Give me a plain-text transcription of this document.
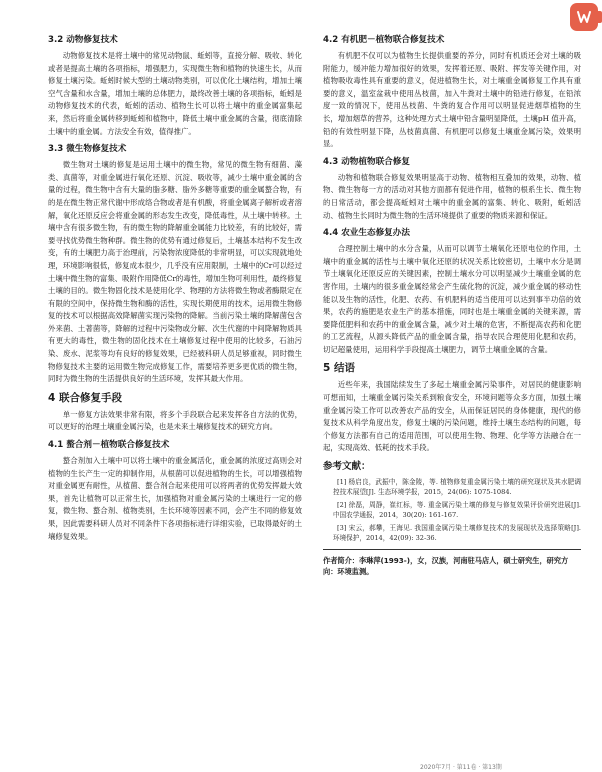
3.2 动物修复技术

动物修复技术是将土壤中的常见动物鼠、蚯蚓等，直接分解、吸收、转化或者是提高土壤的各项指标，增强肥力，实现微生物和植物的快速生长，从而修复土壤污染。蚯蚓时候大型的土壤动物类别，可以优化土壤结构，增加土壤空气含量和水含量，增加土壤的总体肥力，最终改善土壤的各项指标，蚯蚓是动物修复技术的代表，蚯蚓的活动、植物生长可以将土壤中的重金属富集起来，然后将重金属转移到蚯蚓和植物中，降低土壤中重金属的含量，彻底清除土壤中的重金属。方法安全有效，值得推广。

3.3 微生物修复技术

微生物对土壤的修复是运用土壤中的微生物，常见的微生物有细菌、藻类、真菌等，对重金属进行氧化还原、沉淀、吸收等，减少土壤中重金属的含量的过程，微生物中含有大量的脂多糖、脂外多糖等重要的重金属螯合物，有的是在微生物正常代谢中形成络合物或者是有机酸，将重金属离子解析或者溶解，氧化还原反应会将重金属的形态发生改变，降低毒性，从土壤中转移。土壤中含有很多微生物，有的微生物的降解重金属能力比较差，有的比较好，需要寻找优势微生物种群。微生物的优势有通过修复后，土壤基本结构不发生改变，有的土壤肥力高于治理前，污染物浓度降低的非常明显，可以实现就地处理，环境影响很低，修复成本很少，几乎没有应用限制，土壤中的Cr可以经过土壤中微生物的富集、吸附作用降低Cr的毒性，增加生物可利用性，最终修复土壤的目的。微生物固化技术是使用化学、物理的方法将微生物或者酶限定在有限的空间中，保持微生物和酶的活性，实现长期使用的技术，运用微生物修复的技术可以根据高效降解菌实现污染物的降解。当前污染土壤的降解菌包含外来菌、土著菌等，降解的过程中污染物或分解、次生代谢的中间降解物质具有更大的毒性，微生物的固化技术在土壤修复过程中使用的比较多，石油污染、废水、泥浆等均有良好的修复效果，已经被科研人员足够重视，同时微生物修复技术主要的运用微生物完成修复工作，需要培养更多更优质的微生物，同时为微生物的生活提供良好的生活环境，发挥其最大作用。

4 联合修复手段

单一修复方法效果非常有限，将多个手段联合起来发挥各自方法的优势，可以更好的治理土壤重金属污染，也是未来土壤修复技术的研究方向。

4.1 螯合剂－植物联合修复技术

螯合剂加入土壤中可以将土壤中的重金属活化，重金属的浓度过高则会对植物的生长产生一定的抑制作用，从根菌可以促进植物的生长，可以增强植物对重金属更有耐性，从植菌、螯合剂合起来使用可以将两者的优势发挥最大效果，首先让植物可以正常生长，加强植物对重金属污染的土壤进行一定的修复，微生物、螯合剂、植物类别，生长环境等因素不同，会产生不同的修复效果，因此需要科研人员对不同条件下各项指标进行详细实验，已取得最好的土壤修复效果。

4.2 有机肥－植物联合修复技术

有机肥不仅可以为植物生长提供重要的养分，同时有机质还会对土壤的吸附能力，缓冲能力增加很好的效果，发挥着还原、吸附、挥发等关键作用，对植物吸收毒性具有重要的意义，促进植物生长，对土壤重金属修复工作具有重要的意义，温室盆栽中使用丛枝菌，加入牛粪对土壤中的铅进行修复，在铅浓度一致的情况下，使用丛枝菌、牛粪的复合作用可以明显促进烟草植物的生长，增加烟草的营养，这种处理方式土壤中铅含量明显降低，土壤pH 值升高，铅的有效性明显下降，丛枝菌真菌、有机肥可以修复土壤重金属污染，效果明显。

4.3 动物植物联合修复

动物和植物联合修复效果明显高于动物、植物相互叠加的效果，动物、植物、微生物每一方的活动对其他方面都有促进作用，植物的根系生长、微生物的日常活动，都会提高蚯蚓对土壤中的重金属的富集、转化、吸附，蚯蚓活动、植物生长同时为微生物的生活环境提供了重要的物质来源和保证。

4.4 农业生态修复办法

合理控制土壤中的水分含量，从而可以调节土壤氧化还原电位的作用，土壤中的重金属的活性与土壤中氧化还原的状况关系比较密切，土壤中水分是调节土壤氧化还原反应的关键因素，控制土壤水分可以明显减少土壤重金属的危害作用，土壤内的很多重金属经常会产生硫化物的沉淀，减少重金属的移动性能以及生物的活性，化肥、农药、有机肥料的适当使用可以达到事半功倍的效果，农药的施肥是农业生产的基本措施，同时也是土壤重金属的关键来源，需要降低肥料和农药中的重金属含量，减少对土壤的危害，不断提高农药和化肥的工艺流程，从源头降低产品的重金属含量，指导农民合理使用化肥和农药，切记超量使用，运用科学手段提高土壤肥力，调节土壤重金属的含量。

5 结语

近些年来，我国陆续发生了多起土壤重金属污染事件，对居民的健康影响可想而知，土壤重金属污染关系到粮食安全，环境问题等众多方面，加强土壤重金属污染工作可以改善农产品的安全，从而保证居民的身体健康，现代的修复技术从科学角度出发，修复土壤的污染问题，维持土壤生态结构的问题，每个修复方法都有自己的适用范围，可以使用生物、物理、化学等方法融合在一起，实现高效、低耗的技术手段。

参考文献：

[1] 杨启良，武振中，陈金陵，等. 植物修复重金属污染土壤的研究现状及其水肥调控技术展望[J]. 生态环境学报，2015，24(06): 1075-1084.

[2] 徐磊，周静，崔红标，等. 重金属污染土壤的修复与修复效果评价研究进展[J]. 中国农学通报，2014，30(20): 161-167.

[3] 宋云，郝攀，王海见. 我国重金属污染土壤修复技术的发展现状及选择策略[J]. 环境保护，2014，42(09): 32-36.

作者简介：李琳萍(1993-)，女，汉族，河南驻马店人，硕士研究生，研究方向：环境监测。
2020年7月 · 第11卷 · 第13期
